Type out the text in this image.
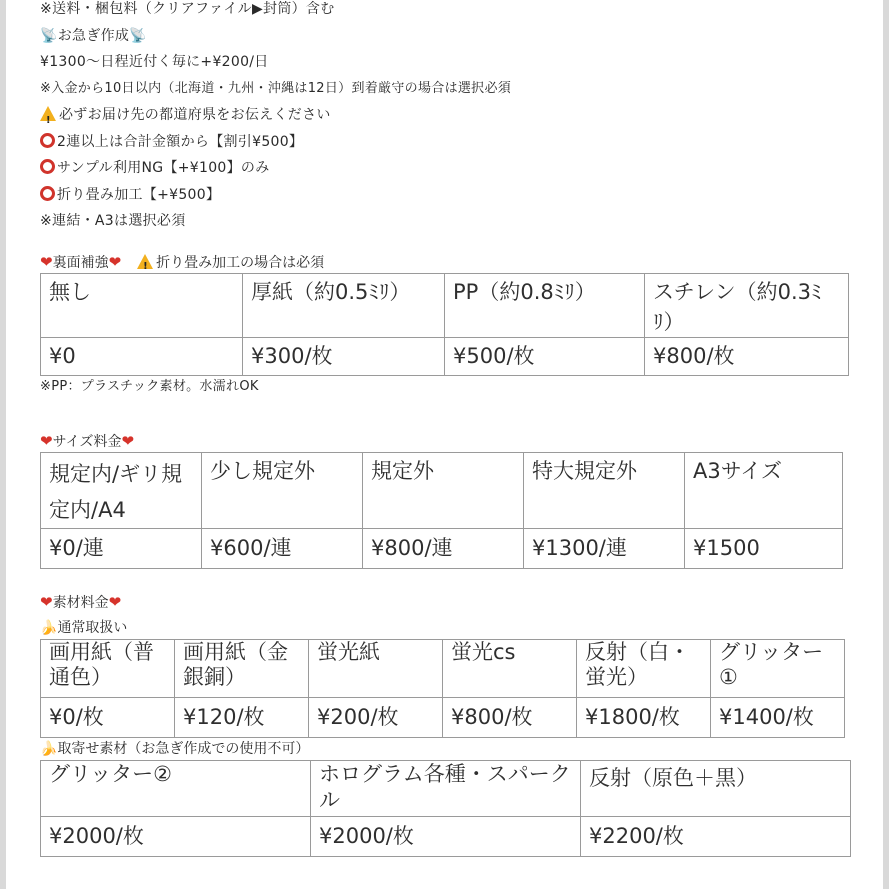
※送料・梱包料（クリアファイル▶︎封筒）含む
📡お急ぎ作成📡
¥1300〜日程近付く毎に+¥200/日
※入金から10日以内（北海道・九州・沖縄は12日）到着厳守の場合は選択必須
!必ずお届け先の都道府県をお伝えください
2連以上は合計金額から【割引¥500】
サンプル利用NG【+¥100】のみ
折り畳み加工【+¥500】
※連結・A3は選択必須
❤裏面補強❤ !	折り畳み加工の場合は必須
無し	厚紙（約0.5ﾐﾘ）	PP（約0.8ﾐﾘ）	スチレン（約0.3ﾐﾘ）
¥0	¥300/枚	¥500/枚	¥800/枚
※PP：プラスチック素材。水濡れOK
❤サイズ料金❤
規定内/ギリ規定内/A4	少し規定外	規定外	特大規定外	A3サイズ
¥0/連	¥600/連	¥800/連	¥1300/連	¥1500
❤素材料金❤
🍌通常取扱い
画用紙（普通色）	画用紙（金銀銅）	蛍光紙	蛍光cs	反射（白・蛍光）	グリッター①
¥0/枚	¥120/枚	¥200/枚	¥800/枚	¥1800/枚	¥1400/枚
🍌取寄せ素材（お急ぎ作成での使用不可）
グリッター②	ホログラム各種・スパークル	反射（原色＋黒）
¥2000/枚	¥2000/枚	¥2200/枚
